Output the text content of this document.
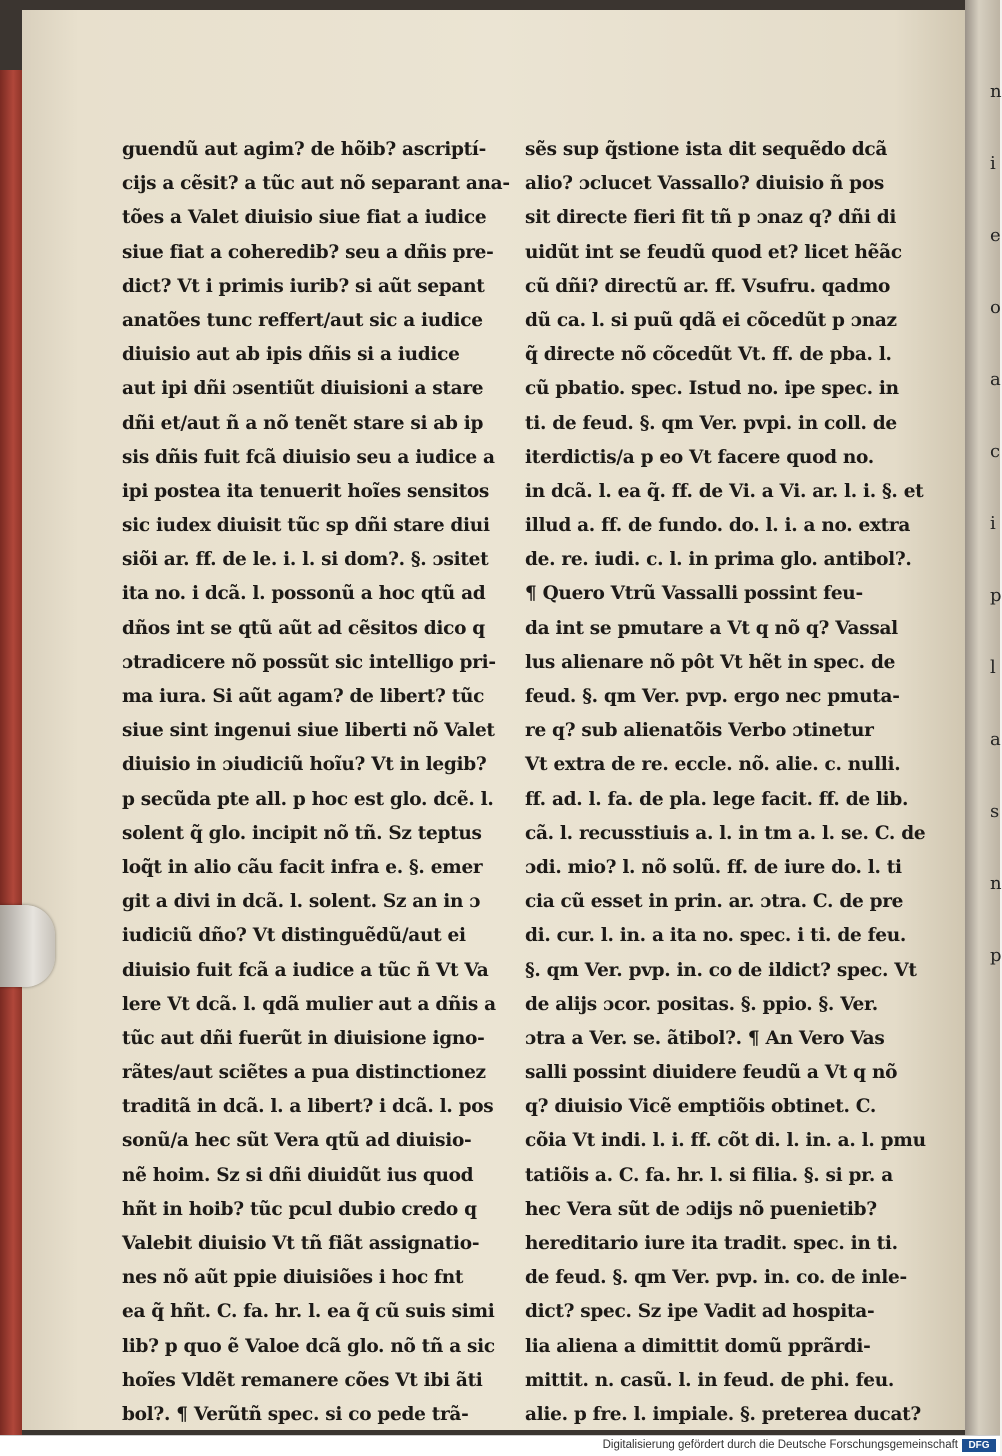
n
i
e
o
a
c
i
p
l
a
s
n
p
guendũ aut agim? de hõib? ascriptí-
cijs a cẽsit? a tũc aut nõ separant ana-
tões a Valet diuisio siue fiat a iudice
siue fiat a coheredib? seu a dñis pre-
dict? Vt i primis iurib? si aũt sepant
anatões tunc reffert/aut sic a iudice
diuisio aut ab ipis dñis si a iudice
aut ipi dñi ɔsentiũt diuisioni a stare
dñi et/aut ñ a nõ tenẽt stare si ab ip
sis dñis fuit fcã diuisio seu a iudice a
ipi postea ita tenuerit hoĩes sensitos
sic iudex diuisit tũc sp dñi stare diui
siõi ar. ff. de le. i. l. si dom?. §. ɔsitet
ita no. i dcã. l. possonũ a hoc qtũ ad
dños int se qtũ aũt ad cẽsitos dico q
ɔtradicere nõ possũt sic intelligo pri-
ma iura. Si aũt agam? de libert? tũc
siue sint ingenui siue liberti nõ Valet
diuisio in ɔiudiciũ hoĩu? Vt in legib?
p secũda pte all. p hoc est glo. dcẽ. l.
solent q̃ glo. incipit nõ tñ. Sz teptus
loq̃t in alio cãu facit infra e. §. emer
git a divi in dcã. l. solent. Sz an in ɔ
iudiciũ dño? Vt distinguẽdũ/aut ei
diuisio fuit fcã a iudice a tũc ñ Vt Va
lere Vt dcã. l. qdã mulier aut a dñis a
tũc aut dñi fuerũt in diuisione igno-
rãtes/aut sciẽtes a pua distinctionez
traditã in dcã. l. a libert? i dcã. l. pos
sonũ/a hec sũt Vera qtũ ad diuisio-
nẽ hoim. Sz si dñi diuidũt ius quod
hñt in hoib? tũc pcul dubio credo q
Valebit diuisio Vt tñ fiãt assignatio-
nes nõ aũt ppie diuisiões i hoc fnt
ea q̃ hñt. C. fa. hr. l. ea q̃ cũ suis simi
lib? p quo ẽ Valoe dcã glo. nõ tñ a sic
hoĩes Vldẽt remanere cões Vt ibi ãti
bol?. ¶ Verũtñ spec. si co pede trã-
sẽs sup q̃stione ista dit sequẽdo dcã
alio? ɔclucet Vassallo? diuisio ñ pos
sit directe fieri fit tñ p ɔnaz q? dñi di
uidũt int se feudũ quod et? licet hẽãc
cũ dñi? directũ ar. ff. Vsufru. qadmo
dũ ca. l. si puũ qdã ei cõcedũt p ɔnaz
q̃ directe nõ cõcedũt Vt. ff. de pba. l.
cũ pbatio. spec. Istud no. ipe spec. in
ti. de feud. §. qm Ver. pvpi. in coll. de
iterdictis/a p eo Vt facere quod no.
in dcã. l. ea q̃. ff. de Vi. a Vi. ar. l. i. §. et
illud a. ff. de fundo. do. l. i. a no. extra
de. re. iudi. c. l. in prima glo. antibol?.
¶ Quero Vtrũ Vassalli possint feu-
da int se pmutare a Vt q nõ q? Vassal
lus alienare nõ pôt Vt hẽt in spec. de
feud. §. qm Ver. pvp. ergo nec pmuta-
re q? sub alienatõis Verbo ɔtinetur
Vt extra de re. eccle. nõ. alie. c. nulli.
ff. ad. l. fa. de pla. lege facit. ff. de lib.
cã. l. recusstiuis a. l. in tm a. l. se. C. de
ɔdi. mio? l. nõ solũ. ff. de iure do. l. ti
cia cũ esset in prin. ar. ɔtra. C. de pre
di. cur. l. in. a ita no. spec. i ti. de feu.
§. qm Ver. pvp. in. co de ildict? spec. Vt
de alijs ɔcor. positas. §. ppio. §. Ver.
ɔtra a Ver. se. ãtibol?. ¶ An Vero Vas
salli possint diuidere feudũ a Vt q nõ
q? diuisio Vicẽ emptiõis obtinet. C.
cõia Vt indi. l. i. ff. cõt di. l. in. a. l. pmu
tatiõis a. C. fa. hr. l. si filia. §. si pr. a
hec Vera sũt de ɔdijs nõ puenietib?
hereditario iure ita tradit. spec. in ti.
de feud. §. qm Ver. pvp. in. co. de inle-
dict? spec. Sz ipe Vadit ad hospita-
lia aliena a dimittit domũ pprãrdi-
mittit. n. casũ. l. in feud. de phi. feu.
alie. p fre. l. impiale. §. preterea ducat?
Digitalisierung gefördert durch die Deutsche Forschungsgemeinschaft	DFG
